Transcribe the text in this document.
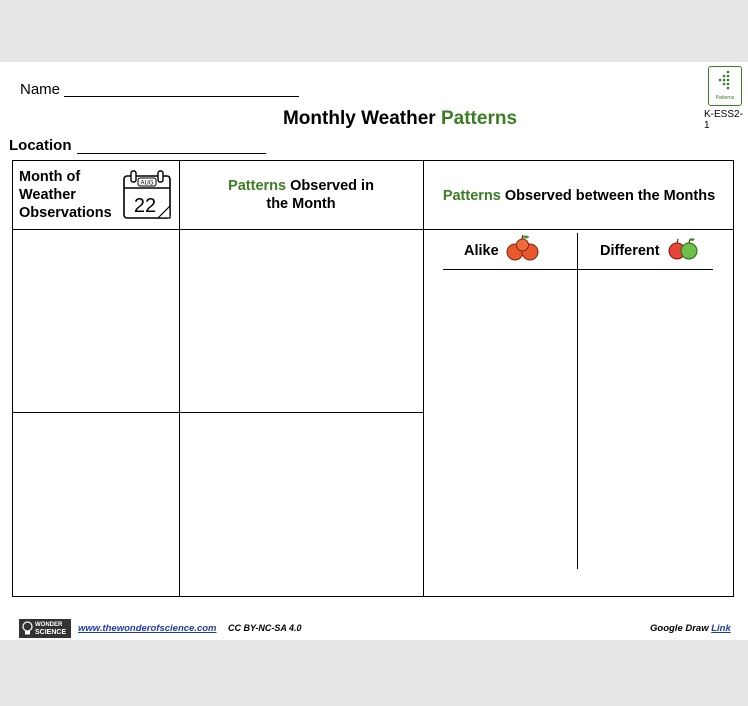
Name
Monthly Weather Patterns
Location
Patterns
K-ESS2-1
Month of
Weather
Observations
AUG
22
Patterns Observed in
the Month	Patterns Observed between the Months
Alike	Different
WONDER
SCIENCE www.thewonderofscience.com CC BY-NC-SA 4.0	Google Draw Link
